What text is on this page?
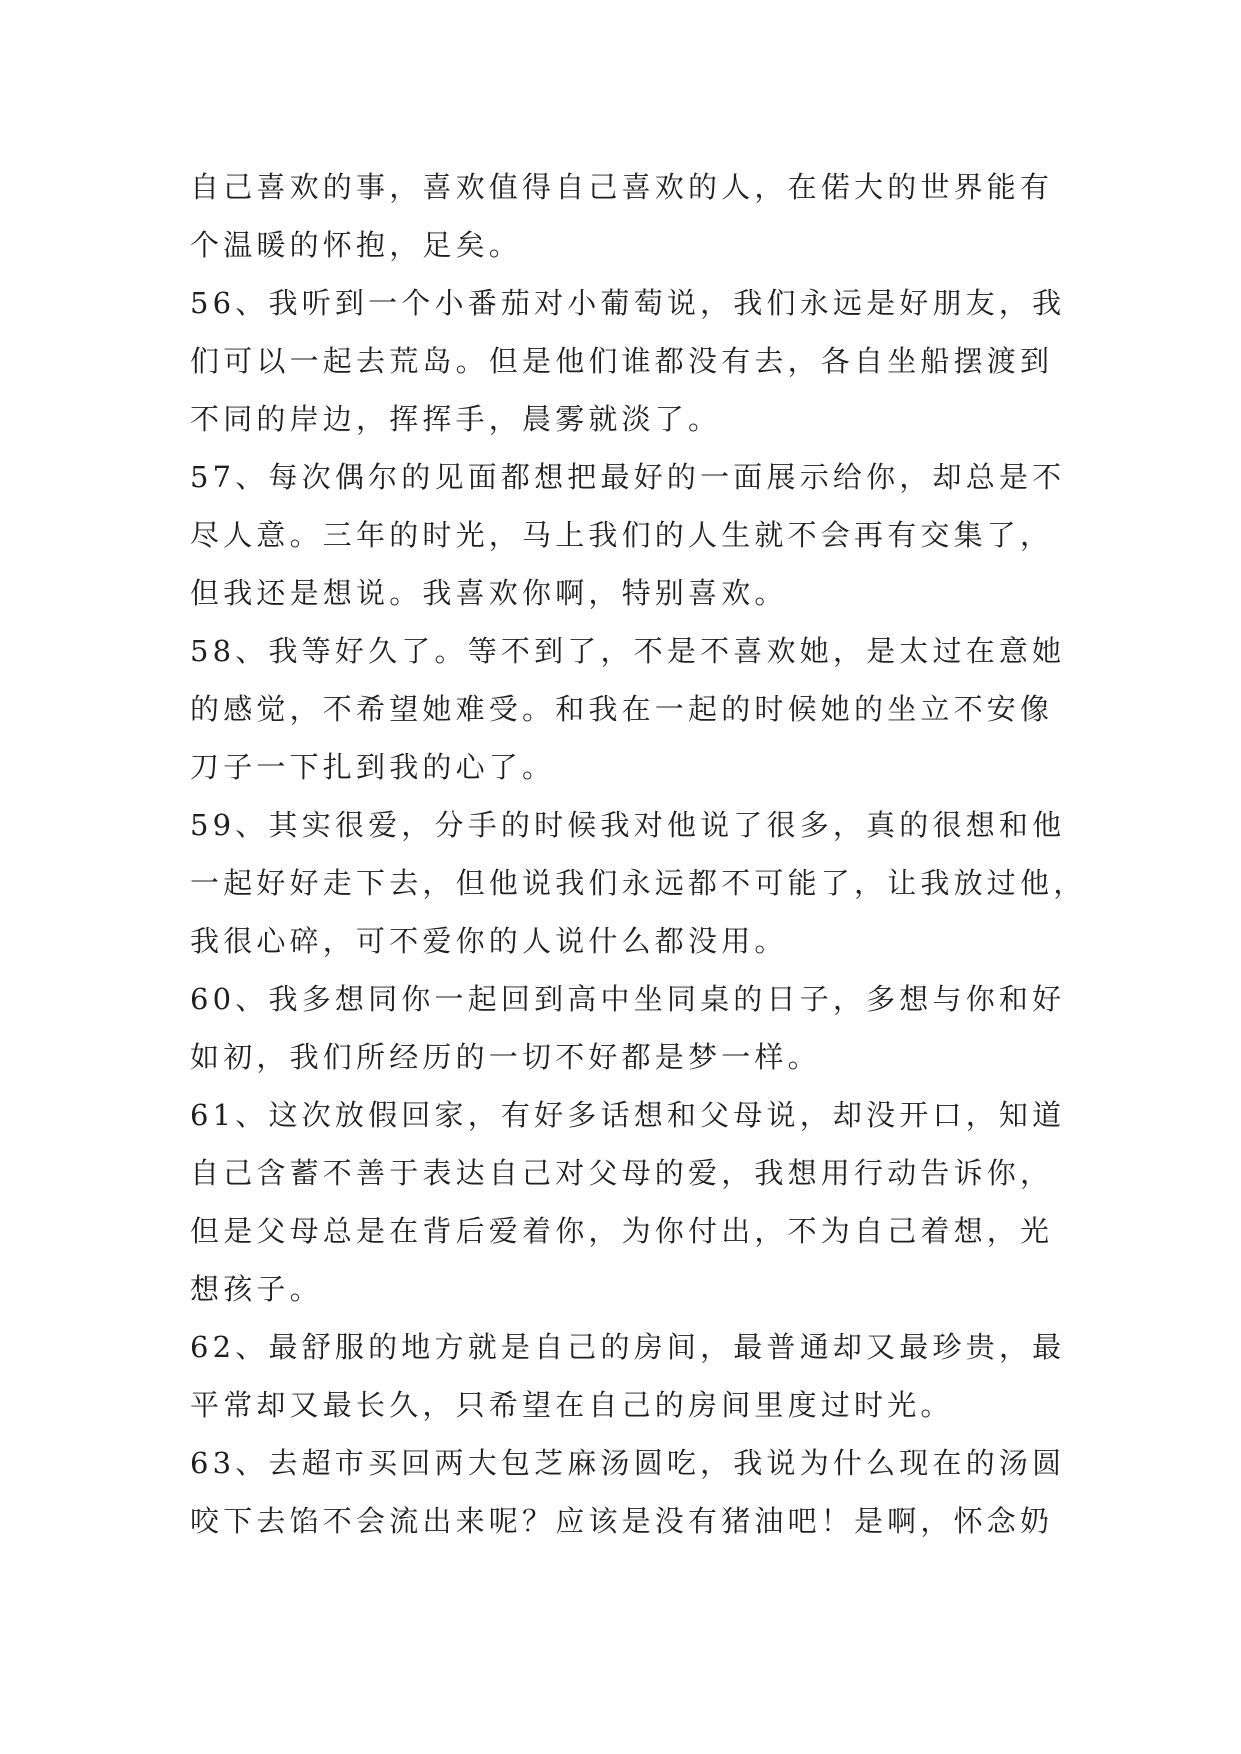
自己喜欢的事，喜欢值得自己喜欢的人，在偌大的世界能有
个温暖的怀抱，足矣。
56、我听到一个小番茄对小葡萄说，我们永远是好朋友，我
们可以一起去荒岛。但是他们谁都没有去，各自坐船摆渡到
不同的岸边，挥挥手，晨雾就淡了。
57、每次偶尔的见面都想把最好的一面展示给你，却总是不
尽人意。三年的时光，马上我们的人生就不会再有交集了，
但我还是想说。我喜欢你啊，特别喜欢。
58、我等好久了。等不到了，不是不喜欢她，是太过在意她
的感觉，不希望她难受。和我在一起的时候她的坐立不安像
刀子一下扎到我的心了。
59、其实很爱，分手的时候我对他说了很多，真的很想和他
一起好好走下去，但他说我们永远都不可能了，让我放过他，
我很心碎，可不爱你的人说什么都没用。
60、我多想同你一起回到高中坐同桌的日子，多想与你和好
如初，我们所经历的一切不好都是梦一样。
61、这次放假回家，有好多话想和父母说，却没开口，知道
自己含蓄不善于表达自己对父母的爱，我想用行动告诉你，
但是父母总是在背后爱着你，为你付出，不为自己着想，光
想孩子。
62、最舒服的地方就是自己的房间，最普通却又最珍贵，最
平常却又最长久，只希望在自己的房间里度过时光。
63、去超市买回两大包芝麻汤圆吃，我说为什么现在的汤圆
咬下去馅不会流出来呢？应该是没有猪油吧！是啊，怀念奶
